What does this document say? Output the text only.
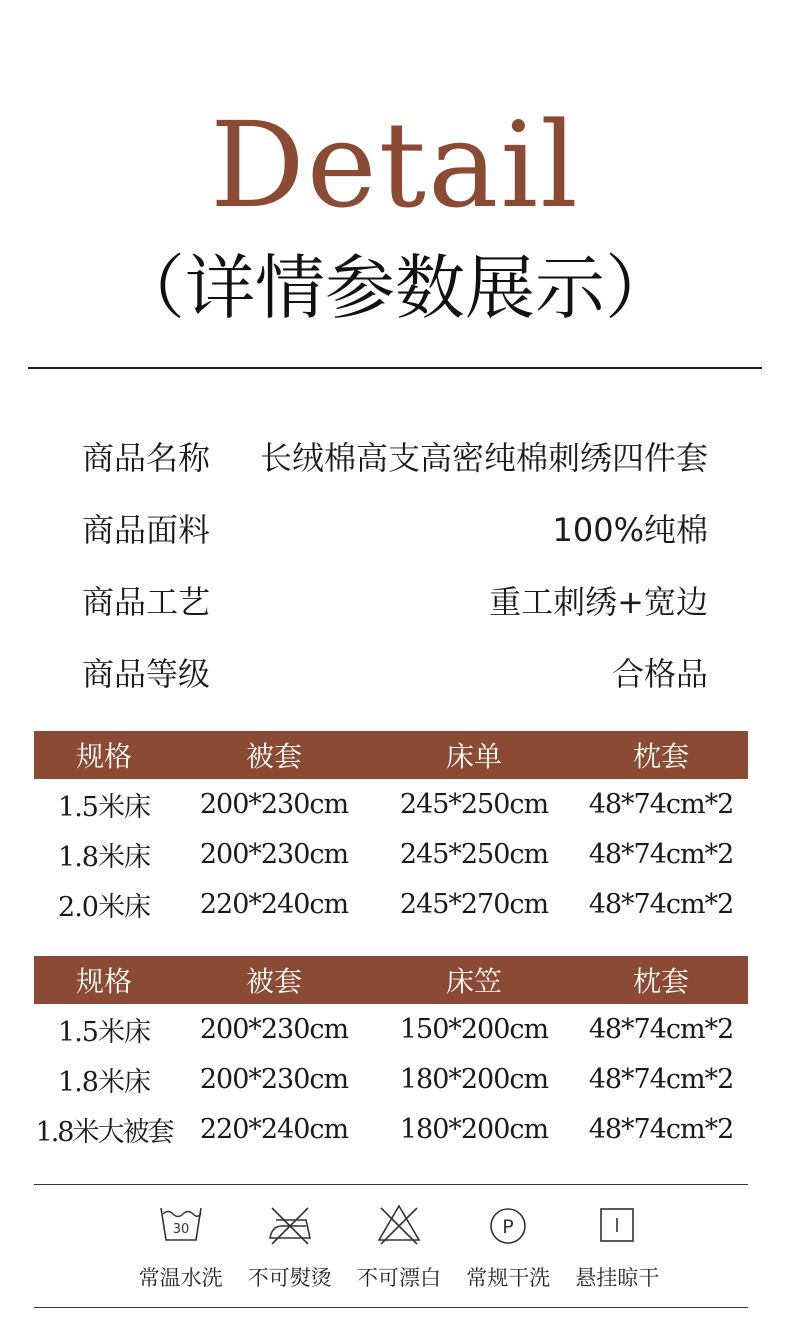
Detail
（详情参数展示）
商品名称 长绒棉高支高密纯棉刺绣四件套
商品面料	100%纯棉
商品工艺	重工刺绣+宽边
商品等级	合格品
规格	被套	床单	枕套
1.5米床	200*230cm	245*250cm	48*74cm*2
1.8米床	200*230cm	245*250cm	48*74cm*2
2.0米床	220*240cm	245*270cm	48*74cm*2
规格	被套	床笠	枕套
1.5米床	200*230cm	150*200cm	48*74cm*2
1.8米床	200*230cm	180*200cm	48*74cm*2
1.8米大被套	220*240cm	180*200cm	48*74cm*2
30
常温水洗 不可熨烫 不可漂白
P
常规干洗 悬挂晾干
